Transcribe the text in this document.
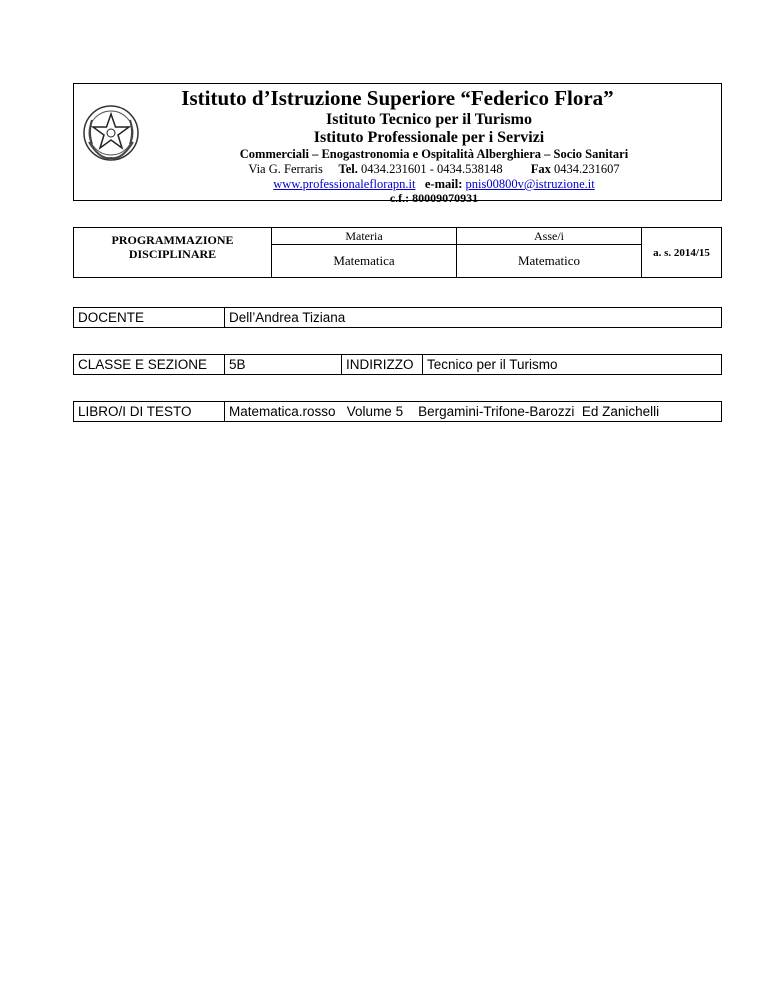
Istituto d’Istruzione Superiore “Federico Flora”
Istituto Tecnico per il Turismo
Istituto Professionale per i Servizi
Commerciali – Enogastronomia e Ospitalità Alberghiera – Socio Sanitari
Via G. Ferraris Tel. 0434.231601 - 0434.538148 Fax 0434.231607
www.professionaleflorapn.it e-mail: pnis00800v@istruzione.it
c.f.: 80009070931
PROGRAMMAZIONE
DISCIPLINARE	Materia	Asse/i	a. s. 2014/15
	Matematica	Matematico	
DOCENTE	Dell’Andrea Tiziana
CLASSE E SEZIONE	5B	INDIRIZZO	Tecnico per il Turismo
LIBRO/I DI TESTO	Matematica.rosso   Volume 5    Bergamini-Trifone-Barozzi  Ed Zanichelli
